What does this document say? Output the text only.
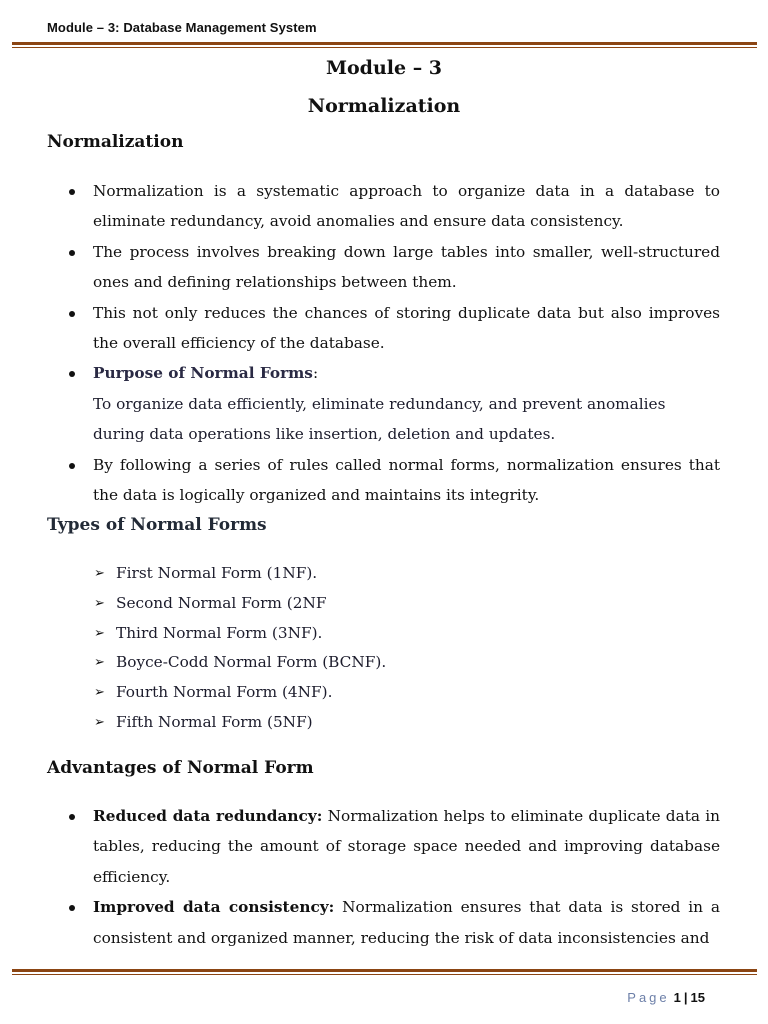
Module – 3: Database Management System
Module – 3
Normalization
Normalization
Normalization is a systematic approach to organize data in a database to eliminate redundancy, avoid anomalies and ensure data consistency.
The process involves breaking down large tables into smaller, well-structured ones and defining relationships between them.
This not only reduces the chances of storing duplicate data but also improves the overall efficiency of the database.
Purpose of Normal Forms:
To organize data efficiently, eliminate redundancy, and prevent anomalies during data operations like insertion, deletion and updates.
By following a series of rules called normal forms, normalization ensures that the data is logically organized and maintains its integrity.
Types of Normal Forms
➢ First Normal Form (1NF).
➢ Second Normal Form (2NF
➢ Third Normal Form (3NF).
➢ Boyce-Codd Normal Form (BCNF).
➢ Fourth Normal Form (4NF).
➢ Fifth Normal Form (5NF)
Advantages of Normal Form
Reduced data redundancy: Normalization helps to eliminate duplicate data in tables, reducing the amount of storage space needed and improving database efficiency.
Improved data consistency: Normalization ensures that data is stored in a consistent and organized manner, reducing the risk of data inconsistencies and
Page 1 | 15
